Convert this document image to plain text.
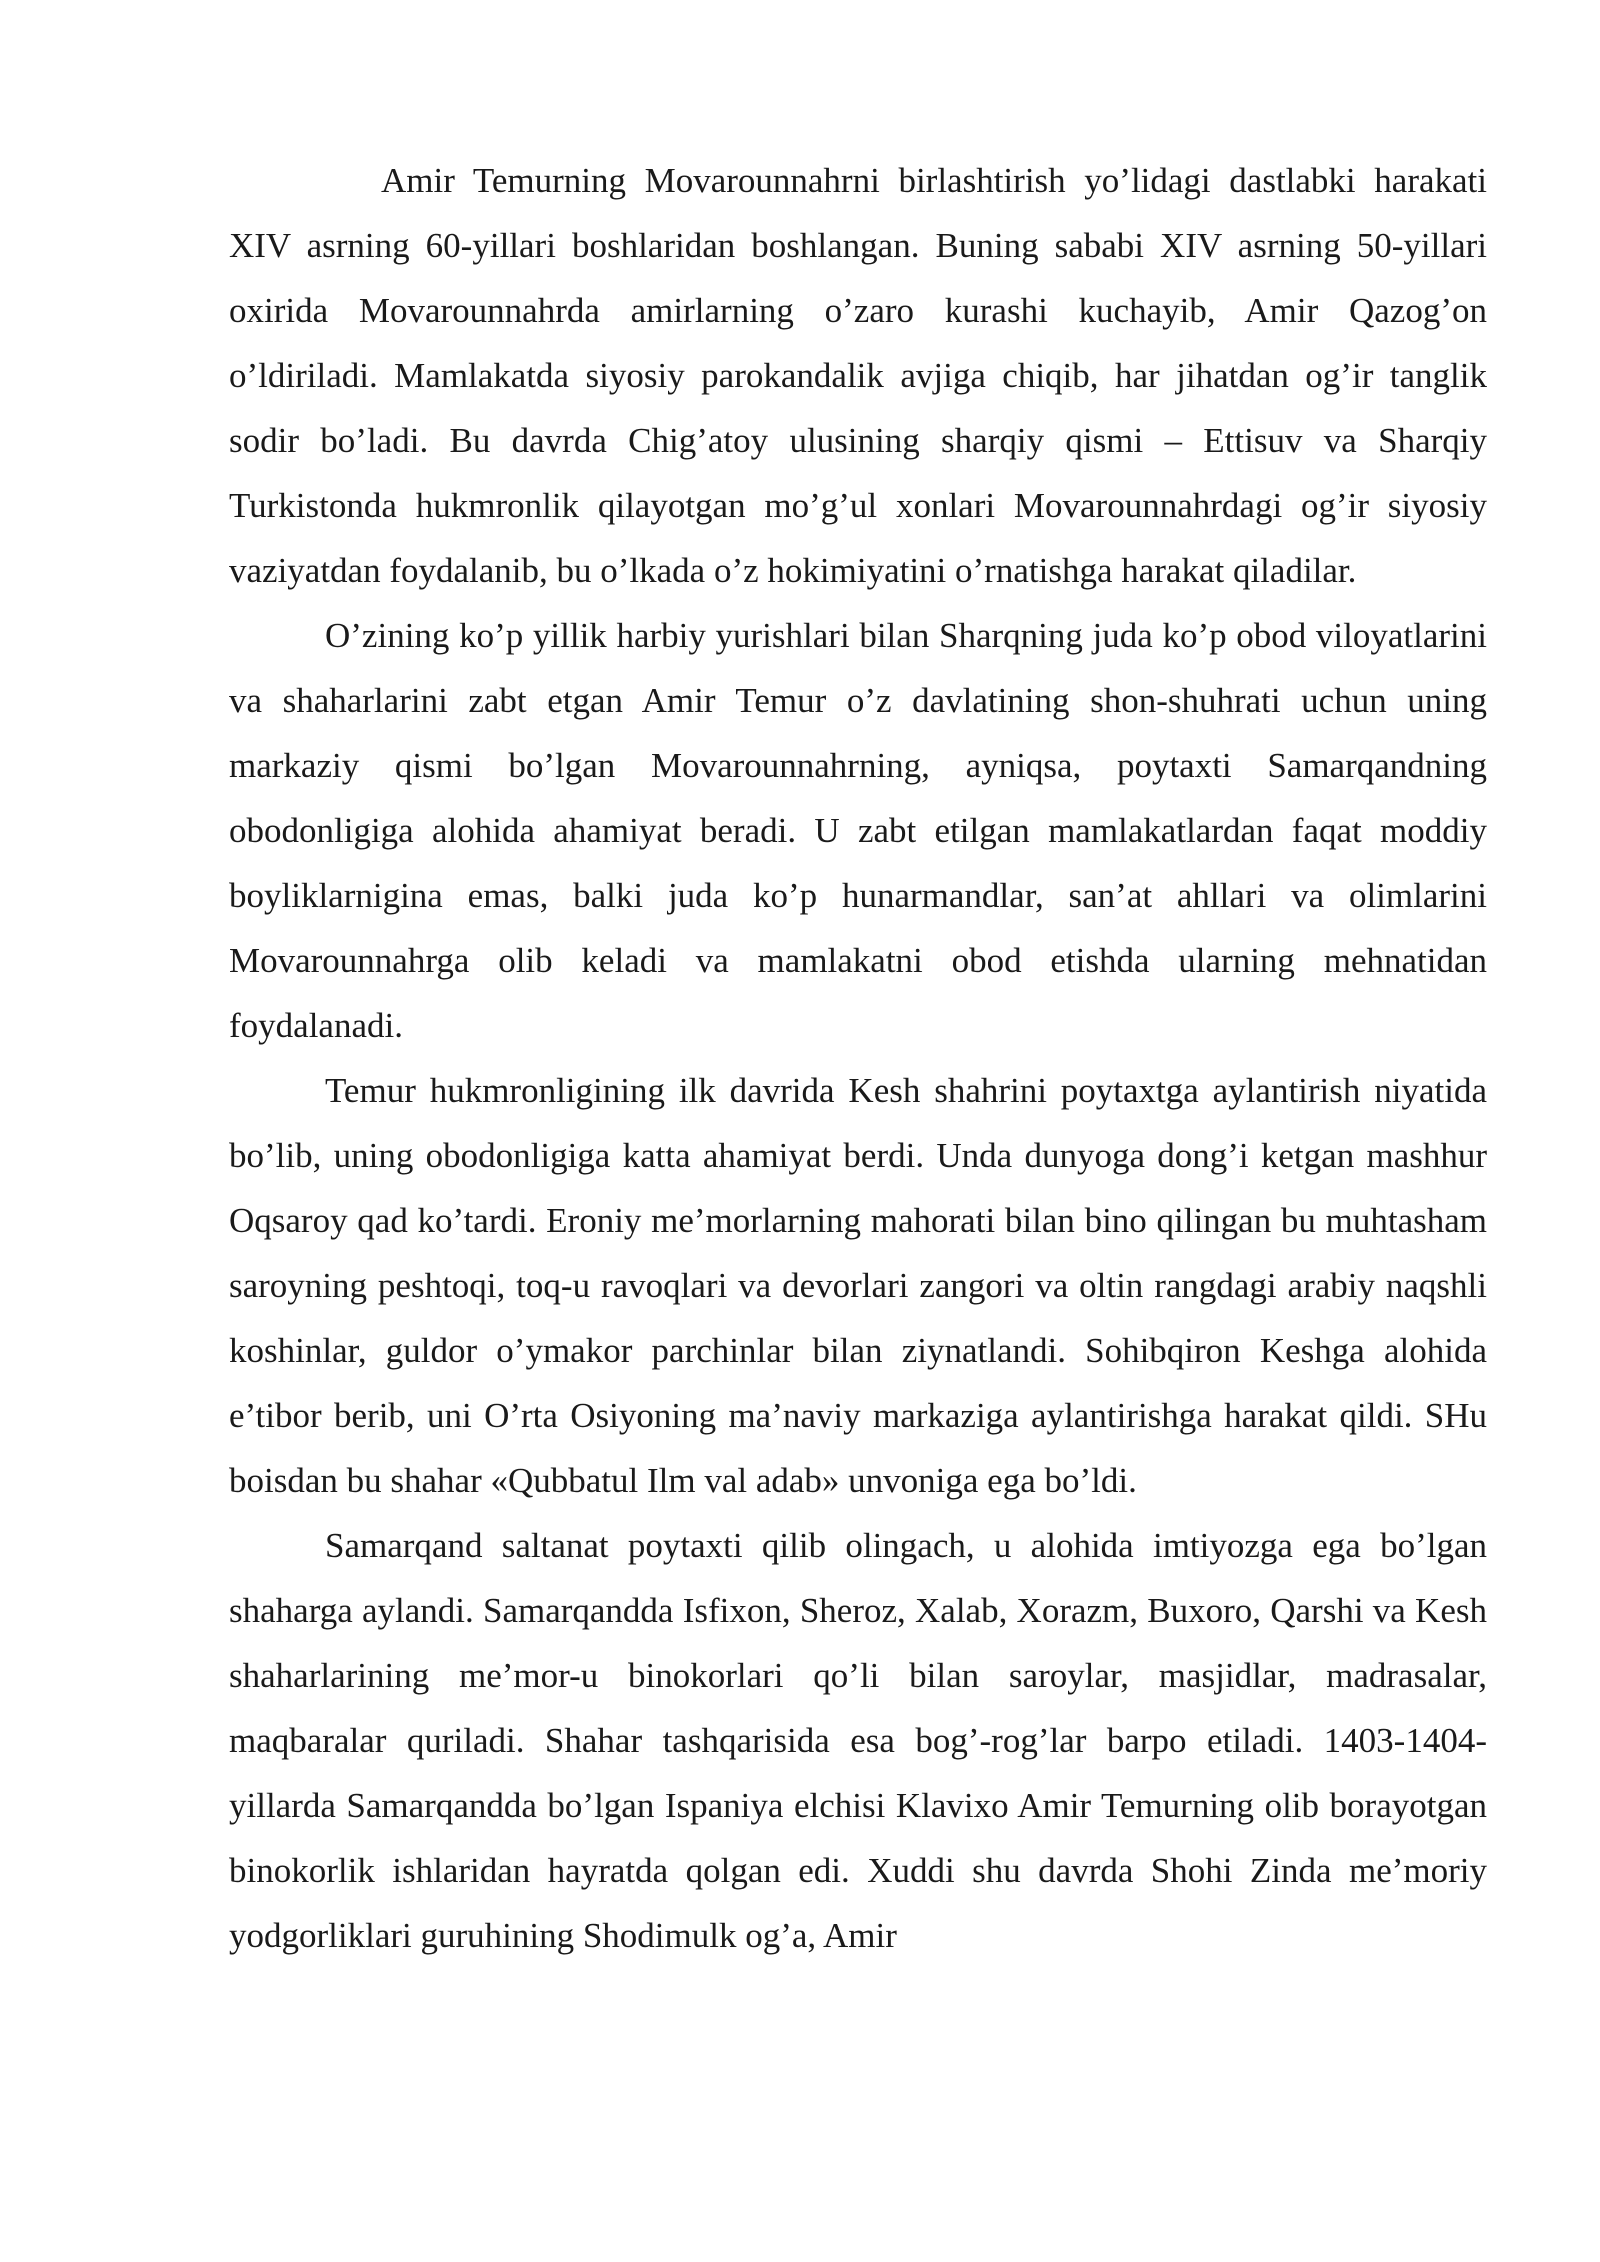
Amir Temurning Movarounnahrni birlashtirish yo’lidagi dastlabki harakati XIV asrning 60-yillari boshlaridan boshlangan. Buning sababi XIV asrning 50-yillari oxirida Movarounnahrda amirlarning o’zaro kurashi kuchayib, Amir Qazog’on o’ldiriladi. Mamlakatda siyosiy parokandalik avjiga chiqib, har jihatdan og’ir tanglik sodir bo’ladi. Bu davrda Chig’atoy ulusining sharqiy qismi – Ettisuv va Sharqiy Turkistonda hukmronlik qilayotgan mo’g’ul xonlari Movarounnahrdagi og’ir siyosiy vaziyatdan foydalanib, bu o’lkada o’z hokimiyatini o’rnatishga harakat qiladilar.

O’zining ko’p yillik harbiy yurishlari bilan Sharqning juda ko’p obod viloyatlarini va shaharlarini zabt etgan Amir Temur o’z davlatining shon-shuhrati uchun uning markaziy qismi bo’lgan Movarounnahrning, ayniqsa, poytaxti Samarqandning obodonligiga alohida ahamiyat beradi. U zabt etilgan mamlakatlardan faqat moddiy boyliklarnigina emas, balki juda ko’p hunarmandlar, san’at ahllari va olimlarini Movarounnahrga olib keladi va mamlakatni obod etishda ularning mehnatidan foydalanadi.

Temur hukmronligining ilk davrida Kesh shahrini poytaxtga aylantirish niyatida bo’lib, uning obodonligiga katta ahamiyat berdi. Unda dunyoga dong’i ketgan mashhur Oqsaroy qad ko’tardi. Eroniy me’morlarning mahorati bilan bino qilingan bu muhtasham saroyning peshtoqi, toq-u ravoqlari va devorlari zangori va oltin rangdagi arabiy naqshli koshinlar, guldor o’ymakor parchinlar bilan ziynatlandi. Sohibqiron Keshga alohida e’tibor berib, uni O’rta Osiyoning ma’naviy markaziga aylantirishga harakat qildi. SHu boisdan bu shahar «Qubbatul Ilm val adab» unvoniga ega bo’ldi.

Samarqand saltanat poytaxti qilib olingach, u alohida imtiyozga ega bo’lgan shaharga aylandi. Samarqandda Isfixon, Sheroz, Xalab, Xorazm, Buxoro, Qarshi va Kesh shaharlarining me’mor-u binokorlari qo’li bilan saroylar, masjidlar, madrasalar, maqbaralar quriladi. Shahar tashqarisida esa bog’-rog’lar barpo etiladi. 1403-1404-yillarda Samarqandda bo’lgan Ispaniya elchisi Klavixo Amir Temurning olib borayotgan binokorlik ishlaridan hayratda qolgan edi. Xuddi shu davrda Shohi Zinda me’moriy yodgorliklari guruhining Shodimulk og’a, Amir
